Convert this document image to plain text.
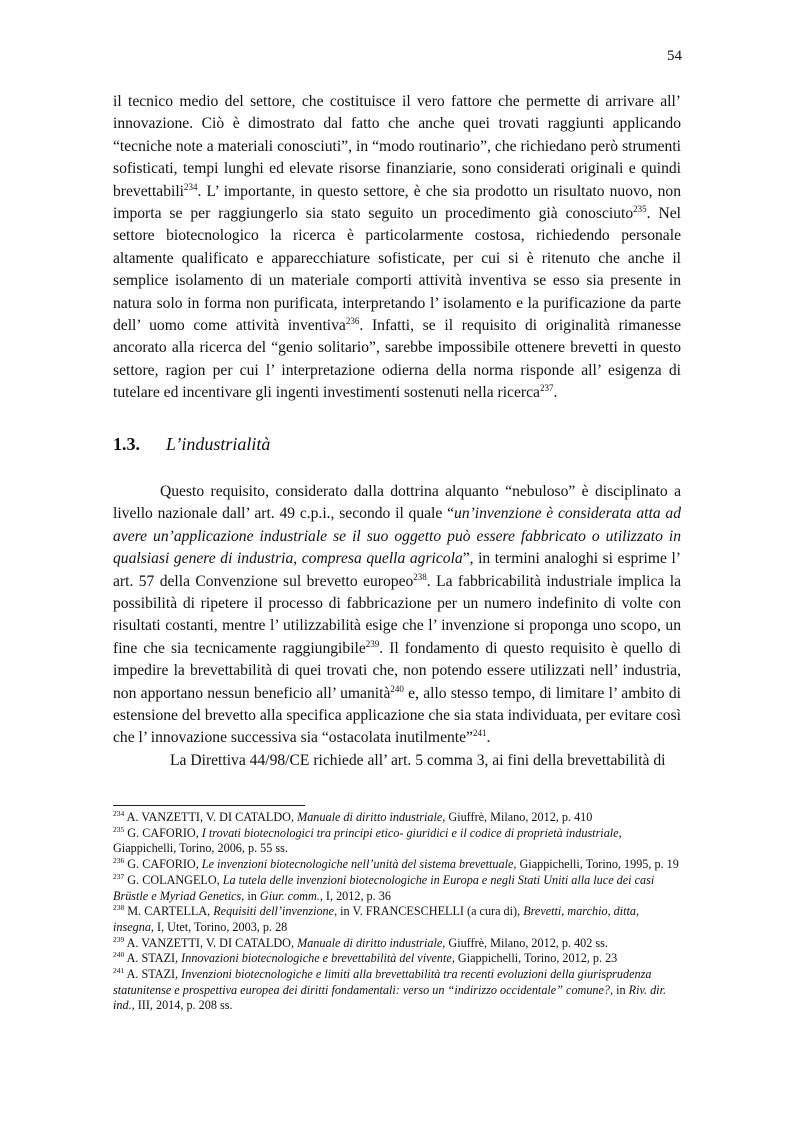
54

il tecnico medio del settore, che costituisce il vero fattore che permette di arrivare all’ innovazione. Ciò è dimostrato dal fatto che anche quei trovati raggiunti applicando “tecniche note a materiali conosciuti”, in “modo routinario”, che richiedano però strumenti sofisticati, tempi lunghi ed elevate risorse finanziarie, sono considerati originali e quindi brevettabili$^{234}$. L’ importante, in questo settore, è che sia prodotto un risultato nuovo, non importa se per raggiungerlo sia stato seguito un procedimento già conosciuto$^{235}$. Nel settore biotecnologico la ricerca è particolarmente costosa, richiedendo personale altamente qualificato e apparecchiature sofisticate, per cui si è ritenuto che anche il semplice isolamento di un materiale comporti attività inventiva se esso sia presente in natura solo in forma non purificata, interpretando l’ isolamento e la purificazione da parte dell’ uomo come attività inventiva$^{236}$. Infatti, se il requisito di originalità rimanesse ancorato alla ricerca del “genio solitario”, sarebbe impossibile ottenere brevetti in questo settore, ragion per cui l’ interpretazione odierna della norma risponde all’ esigenza di tutelare ed incentivare gli ingenti investimenti sostenuti nella ricerca$^{237}$.

1.3. L’industrialità

Questo requisito, considerato dalla dottrina alquanto “nebuloso” è disciplinato a livello nazionale dall’ art. 49 c.p.i., secondo il quale “un’invenzione è considerata atta ad avere un’applicazione industriale se il suo oggetto può essere fabbricato o utilizzato in qualsiasi genere di industria, compresa quella agricola”, in termini analoghi si esprime l’ art. 57 della Convenzione sul brevetto europeo$^{238}$. La fabbricabilità industriale implica la possibilità di ripetere il processo di fabbricazione per un numero indefinito di volte con risultati costanti, mentre l’ utilizzabilità esige che l’ invenzione si proponga uno scopo, un fine che sia tecnicamente raggiungibile$^{239}$. Il fondamento di questo requisito è quello di impedire la brevettabilità di quei trovati che, non potendo essere utilizzati nell’ industria, non apportano nessun beneficio all’ umanità$^{240}$ e, allo stesso tempo, di limitare l’ ambito di estensione del brevetto alla specifica applicazione che sia stata individuata, per evitare così che l’ innovazione successiva sia “ostacolata inutilmente”$^{241}$.

La Direttiva 44/98/CE richiede all’ art. 5 comma 3, ai fini della brevettabilità di

$^{234}$ A. VANZETTI, V. DI CATALDO, Manuale di diritto industriale, Giuffrè, Milano, 2012, p. 410

$^{235}$ G. CAFORIO, I trovati biotecnologici tra principi etico- giuridici e il codice di proprietà industriale, Giappichelli, Torino, 2006, p. 55 ss.

$^{236}$ G. CAFORIO, Le invenzioni biotecnologiche nell’unità del sistema brevettuale, Giappichelli, Torino, 1995, p. 19

$^{237}$ G. COLANGELO, La tutela delle invenzioni biotecnologiche in Europa e negli Stati Uniti alla luce dei casi Brüstle e Myriad Genetics, in Giur. comm., I, 2012, p. 36

$^{238}$ M. CARTELLA, Requisiti dell’invenzione, in V. FRANCESCHELLI (a cura di), Brevetti, marchio, ditta, insegna, I, Utet, Torino, 2003, p. 28

$^{239}$ A. VANZETTI, V. DI CATALDO, Manuale di diritto industriale, Giuffrè, Milano, 2012, p. 402 ss.

$^{240}$ A. STAZI, Innovazioni biotecnologiche e brevettabilità del vivente, Giappichelli, Torino, 2012, p. 23

$^{241}$ A. STAZI, Invenzioni biotecnologiche e limiti alla brevettabilità tra recenti evoluzioni della giurisprudenza statunitense e prospettiva europea dei diritti fondamentali: verso un “indirizzo occidentale” comune?, in Riv. dir. ind., III, 2014, p. 208 ss.
